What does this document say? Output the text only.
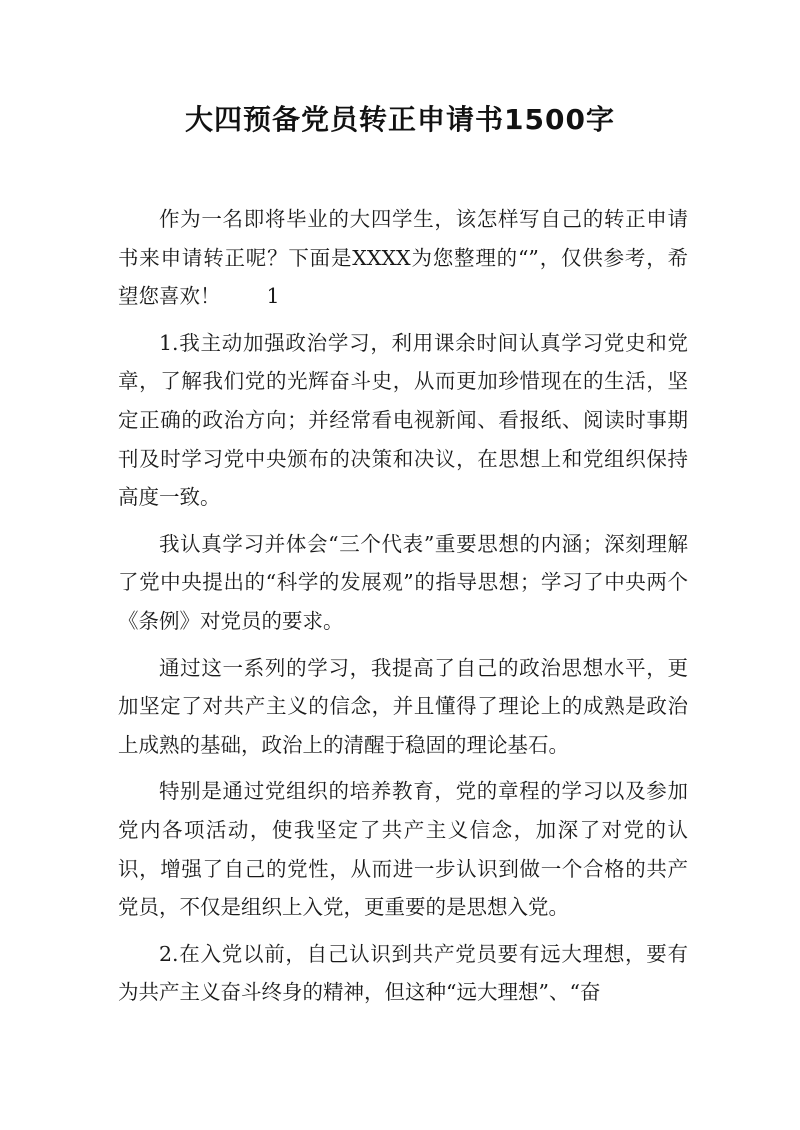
大四预备党员转正申请书1500字

作为一名即将毕业的大四学生，该怎样写自己的转正申请书来申请转正呢？下面是XXXX为您整理的“”，仅供参考，希望您喜欢！ 1

1.我主动加强政治学习，利用课余时间认真学习党史和党章，了解我们党的光辉奋斗史，从而更加珍惜现在的生活，坚定正确的政治方向；并经常看电视新闻、看报纸、阅读时事期刊及时学习党中央颁布的决策和决议，在思想上和党组织保持高度一致。

我认真学习并体会“三个代表”重要思想的内涵；深刻理解了党中央提出的“科学的发展观”的指导思想；学习了中央两个《条例》对党员的要求。

通过这一系列的学习，我提高了自己的政治思想水平，更加坚定了对共产主义的信念，并且懂得了理论上的成熟是政治上成熟的基础，政治上的清醒于稳固的理论基石。

特别是通过党组织的培养教育，党的章程的学习以及参加党内各项活动，使我坚定了共产主义信念，加深了对党的认识，增强了自己的党性，从而进一步认识到做一个合格的共产党员，不仅是组织上入党，更重要的是思想入党。

2.在入党以前，自己认识到共产党员要有远大理想，要有为共产主义奋斗终身的精神，但这种“远大理想”、“奋
